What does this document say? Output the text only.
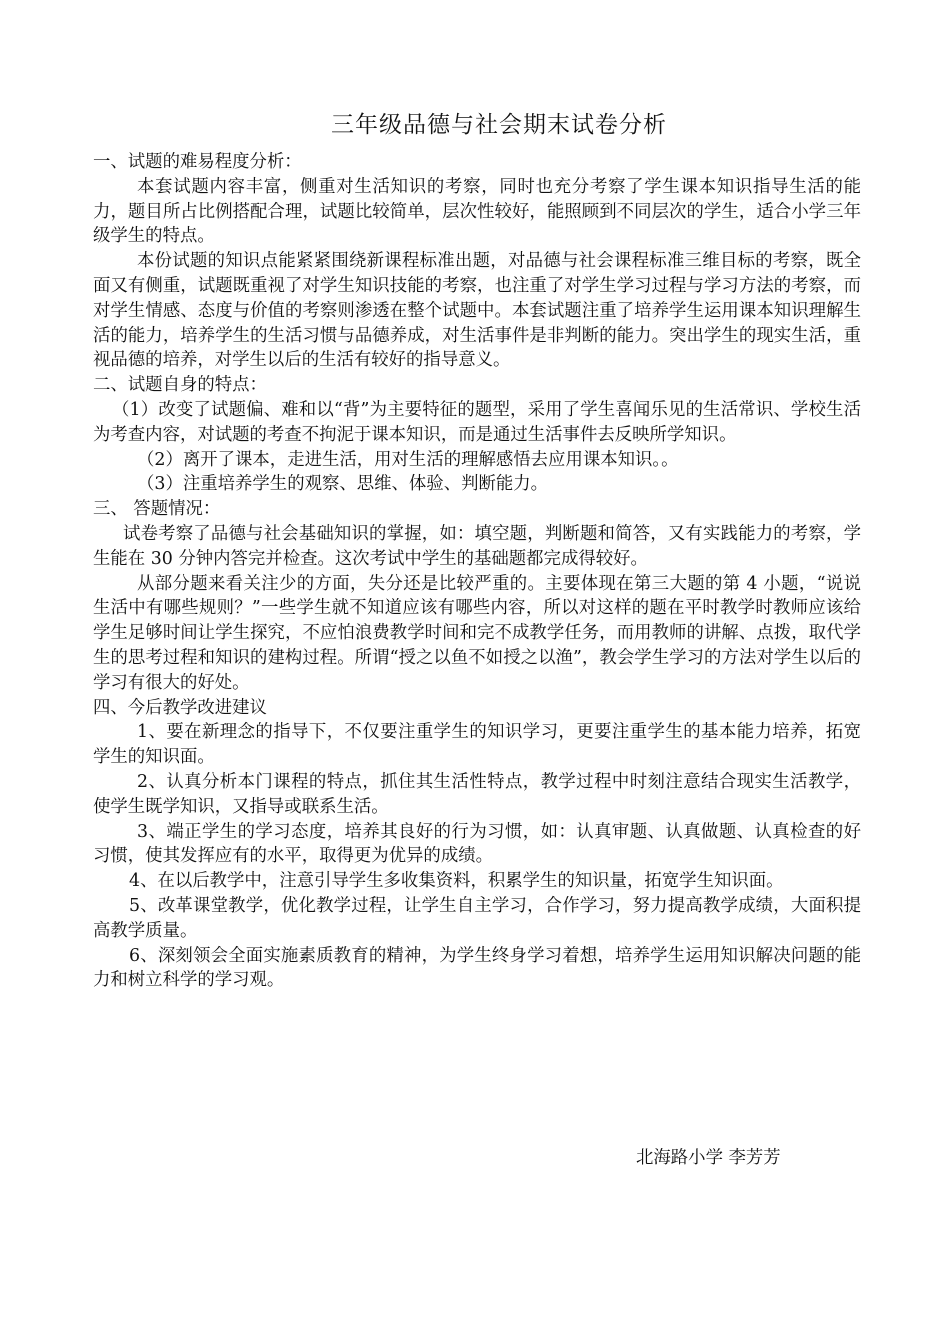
三年级品德与社会期末试卷分析
一、试题的难易程度分析：
本套试题内容丰富，侧重对生活知识的考察，同时也充分考察了学生课本知识指导生活的能力，题目所占比例搭配合理，试题比较简单，层次性较好，能照顾到不同层次的学生，适合小学三年级学生的特点。
本份试题的知识点能紧紧围绕新课程标准出题，对品德与社会课程标准三维目标的考察，既全面又有侧重，试题既重视了对学生知识技能的考察，也注重了对学生学习过程与学习方法的考察，而对学生情感、态度与价值的考察则渗透在整个试题中。本套试题注重了培养学生运用课本知识理解生活的能力，培养学生的生活习惯与品德养成，对生活事件是非判断的能力。突出学生的现实生活，重视品德的培养，对学生以后的生活有较好的指导意义。
二、试题自身的特点：
（1）改变了试题偏、难和以“背”为主要特征的题型，采用了学生喜闻乐见的生活常识、学校生活为考查内容，对试题的考查不拘泥于课本知识，而是通过生活事件去反映所学知识。
（2）离开了课本，走进生活，用对生活的理解感悟去应用课本知识。。
（3）注重培养学生的观察、思维、体验、判断能力。
三、 答题情况：
试卷考察了品德与社会基础知识的掌握，如：填空题，判断题和简答，又有实践能力的考察，学生能在 30 分钟内答完并检查。这次考试中学生的基础题都完成得较好。
从部分题来看关注少的方面，失分还是比较严重的。主要体现在第三大题的第 4 小题，“说说生活中有哪些规则？”一些学生就不知道应该有哪些内容，所以对这样的题在平时教学时教师应该给学生足够时间让学生探究，不应怕浪费教学时间和完不成教学任务，而用教师的讲解、点拨，取代学生的思考过程和知识的建构过程。所谓“授之以鱼不如授之以渔”，教会学生学习的方法对学生以后的学习有很大的好处。
四、今后教学改进建议
1、要在新理念的指导下，不仅要注重学生的知识学习，更要注重学生的基本能力培养，拓宽学生的知识面。
2、认真分析本门课程的特点，抓住其生活性特点，教学过程中时刻注意结合现实生活教学，使学生既学知识，又指导或联系生活。
3、端正学生的学习态度，培养其良好的行为习惯，如：认真审题、认真做题、认真检查的好习惯，使其发挥应有的水平，取得更为优异的成绩。
4、在以后教学中，注意引导学生多收集资料，积累学生的知识量，拓宽学生知识面。
5、改革课堂教学，优化教学过程，让学生自主学习，合作学习，努力提高教学成绩，大面积提高教学质量。
6、深刻领会全面实施素质教育的精神，为学生终身学习着想，培养学生运用知识解决问题的能力和树立科学的学习观。
北海路小学 李芳芳
